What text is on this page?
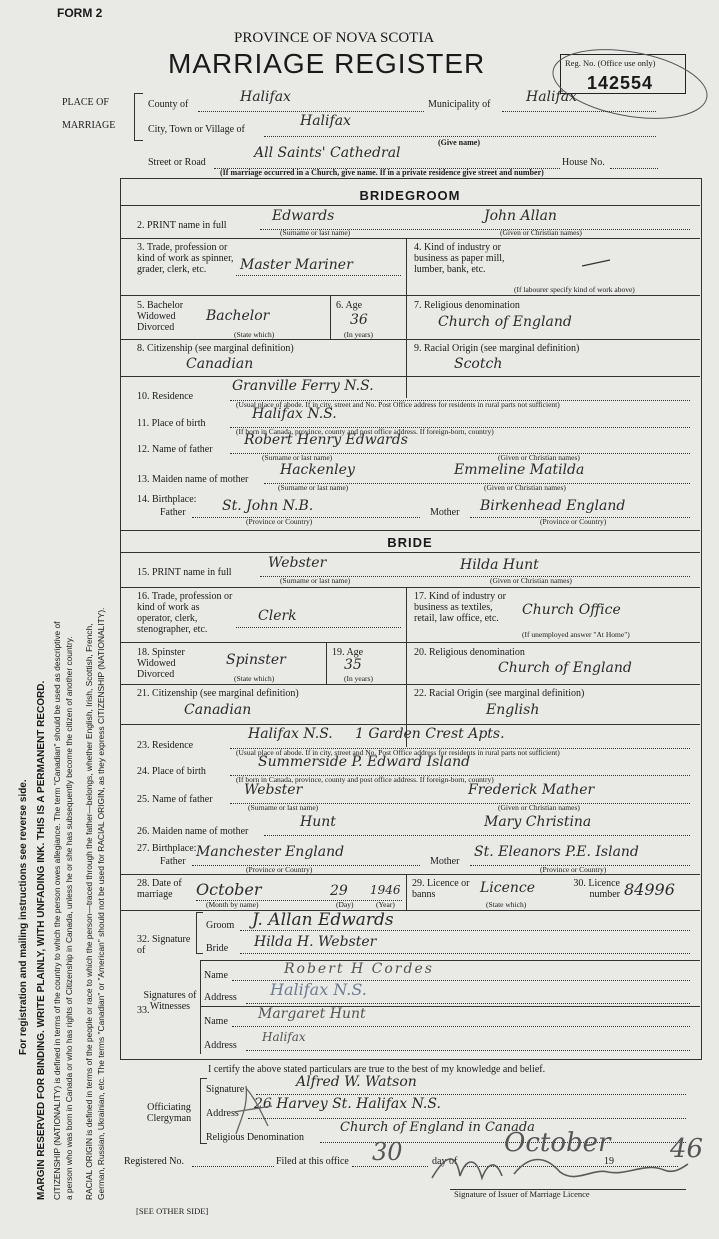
For registration and mailing instructions see reverse side. MARGIN RESERVED FOR BINDING. WRITE PLAINLY, WITH UNFADING INK. THIS IS A PERMANENT RECORD. CITIZENSHIP (NATIONALITY) is defined in terms of the country to which the person owes allegiance. The term "Canadian" should be used as descriptive of a person who was born in Canada or who has rights of Citizenship in Canada, unless he or she has subsequently become the citizen of another country. RACIAL ORIGIN is defined in terms of the people or race to which the person—traced through the father—belongs, whether English, Irish, Scottish, French, German, Russian, Ukrainian, etc. The terms "Canadian" or "American" should not be used for RACIAL ORIGIN, as they express CITIZENSHIP (NATIONALITY).
FORM 2
PROVINCE OF NOVA SCOTIA
MARRIAGE REGISTER	Reg. No. (Office use only)
142554
PLACE OF
MARRIAGE
County of	Halifax	Municipality of	Halifax
City, Town or Village of
Halifax
(Give name)
Street or Road
All Saints' Cathedral
House No.
(If marriage occurred in a Church, give name. If in a private residence give street and number)
BRIDEGROOM
2. PRINT name in full
Edwards	John Allan
(Surname or last name)	(Given or Christian names)
3. Trade, profession or kind of work as spinner, grader, clerk, etc.	Master Mariner
4. Kind of industry or business as paper mill, lumber, bank, etc.
(If labourer specify kind of work above)
5. Bachelor Widowed Divorced
Bachelor
(State which)
6. Age
36
(In years)
7. Religious denomination
Church of England
8. Citizenship (see marginal definition)
Canadian
9. Racial Origin (see marginal definition)
Scotch
10. Residence
Granville Ferry N.S.
(Usual place of abode. If in city, street and No. Post Office address for residents in rural parts not sufficient)
11. Place of birth
Halifax N.S.
(If born in Canada, province, county and post office address. If foreign-born, country)
12. Name of father
Robert Henry Edwards
(Surname or last name)	(Given or Christian names)
13. Maiden name of mother
Hackenley	Emmeline Matilda
(Surname or last name)	(Given or Christian names)
14. Birthplace:
Father	St. John N.B.
(Province or Country)
Mother Birkenhead England
(Province or Country)
BRIDE
15. PRINT name in full
Webster	Hilda Hunt
(Surname or last name)	(Given or Christian names)
16. Trade, profession or kind of work as operator, clerk, stenographer, etc.
Clerk
17. Kind of industry or business as textiles, retail, law office, etc.
Church Office
(If unemployed answer "At Home")
18. Spinster Widowed Divorced
Spinster
(State which)
19. Age
35
(In years)
20. Religious denomination
Church of England
21. Citizenship (see marginal definition)
Canadian
22. Racial Origin (see marginal definition)
English
23. Residence
Halifax N.S.     1 Garden Crest Apts.
(Usual place of abode. If in city, street and No. Post Office address for residents in rural parts not sufficient)
24. Place of birth
Summerside P. Edward Island
(If born in Canada, province, county and post office address. If foreign-born, country)
25. Name of father
Webster	Frederick Mather
(Surname or last name)	(Given or Christian names)
26. Maiden name of mother
Hunt	Mary Christina
27. Birthplace:
Father
Manchester England
(Province or Country)
Mother
St. Eleanors P.E. Island
(Province or Country)
28. Date of marriage	October	29 1946
(Month by name)	(Day)	(Year)
29. Licence or banns	Licence
(State which)
30. Licence number 84996
32. Signature of
Groom J. Allan Edwards
Bride Hilda H. Webster
33.
Signatures of Witnesses
Name	Robert H Cordes
Address Halifax N.S.
Name Margaret Hunt
Address
Halifax
I certify the above stated particulars are true to the best of my knowledge and belief.
Officiating Clergyman
Signature	Alfred W. Watson
Address
26 Harvey St. Halifax N.S.
Religious Denomination
Church of England in Canada
Registered No.	Filed at this office 30	day of
October
19 46
Signature of Issuer of Marriage Licence
[SEE OTHER SIDE]
